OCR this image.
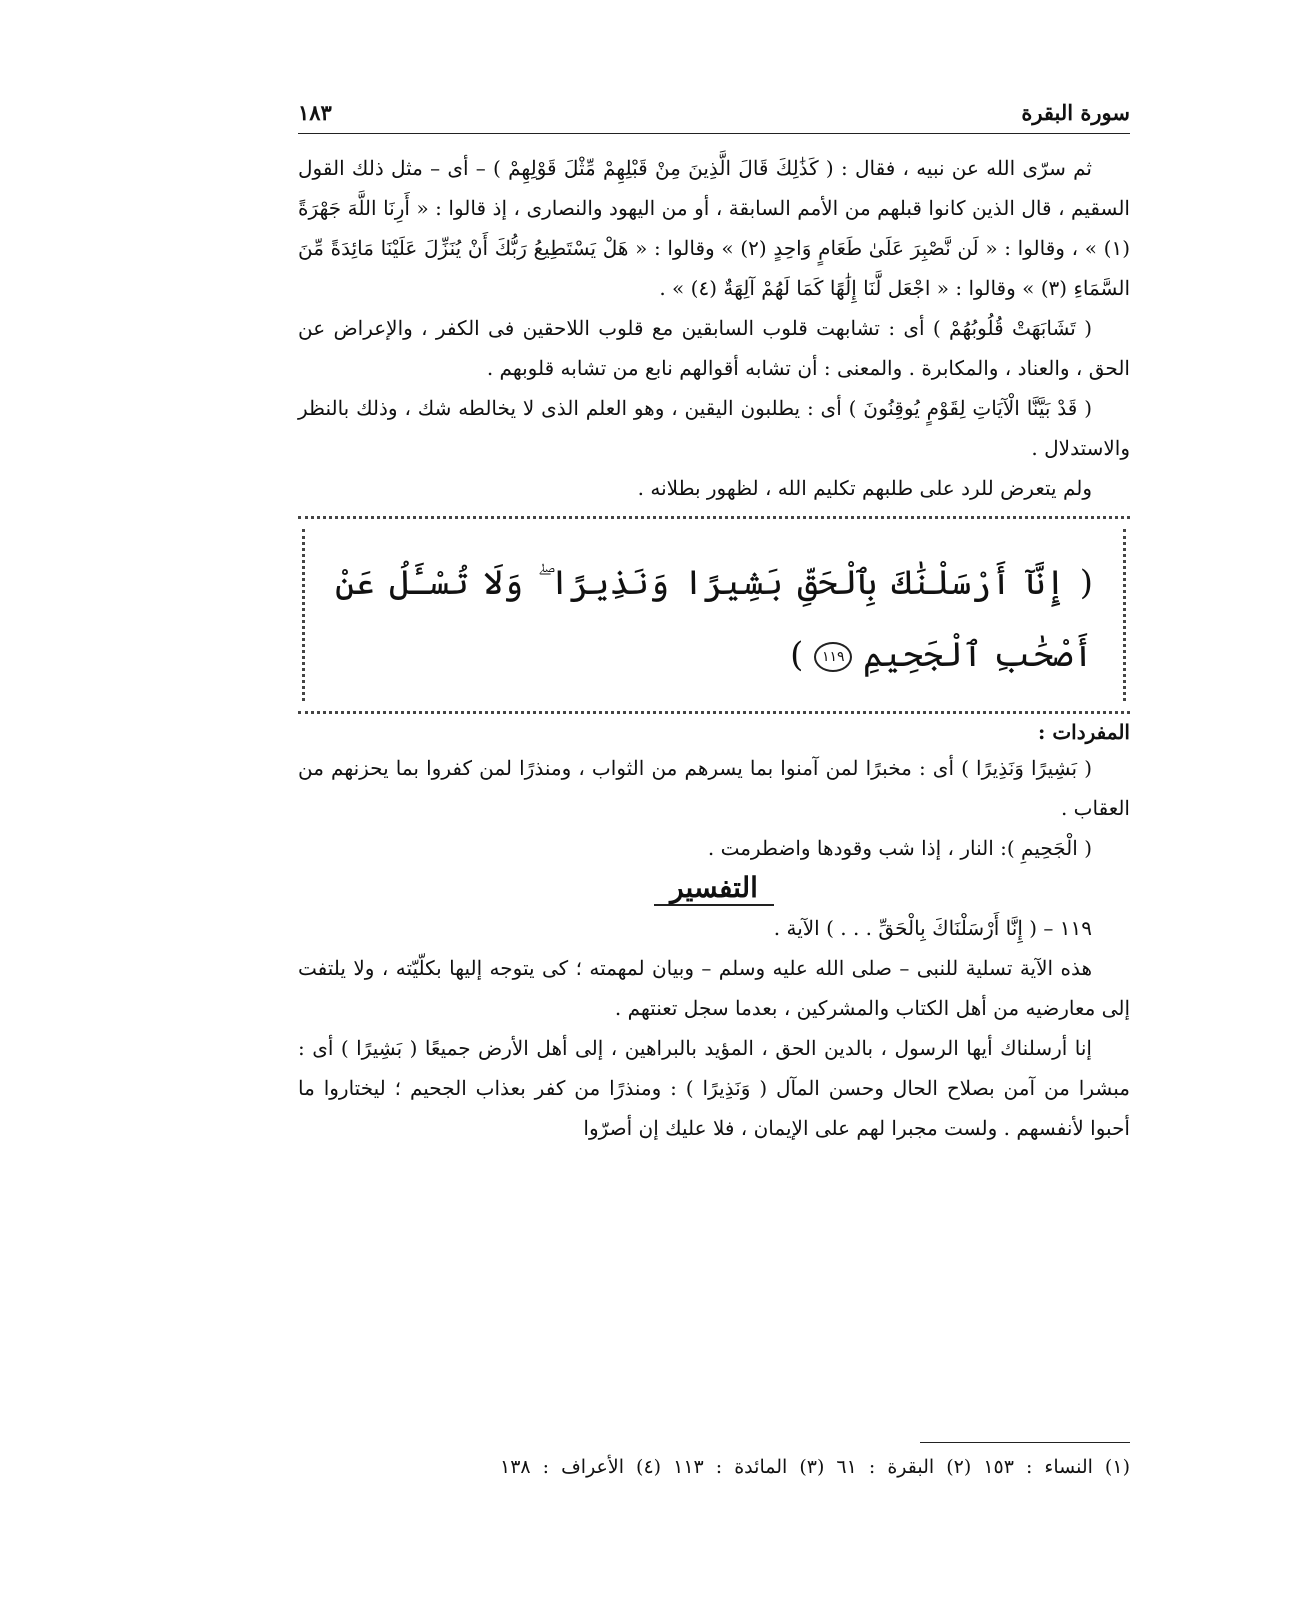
سورة البقرة
١٨٣

ثم سرّى الله عن نبيه ، فقال : ( كَذَٰلِكَ قَالَ الَّذِينَ مِنْ قَبْلِهِمْ مِّثْلَ قَوْلِهِمْ ) – أى – مثل ذلك القول السقيم ، قال الذين كانوا قبلهم من الأمم السابقة ، أو من اليهود والنصارى ، إذ قالوا : « أَرِنَا اللَّهَ جَهْرَةً (١) » ، وقالوا : « لَن نَّصْبِرَ عَلَىٰ طَعَامٍ وَاحِدٍ (٢) » وقالوا : « هَلْ يَسْتَطِيعُ رَبُّكَ أَنْ يُنَزِّلَ عَلَيْنَا مَائِدَةً مِّنَ السَّمَاءِ (٣) » وقالوا : « اجْعَل لَّنَا إِلَٰهًا كَمَا لَهُمْ آلِهَةٌ (٤) » .

( تَشَابَهَتْ قُلُوبُهُمْ ) أى : تشابهت قلوب السابقين مع قلوب اللاحقين فى الكفر ، والإعراض عن الحق ، والعناد ، والمكابرة . والمعنى : أن تشابه أقوالهم نابع من تشابه قلوبهم .

( قَدْ بَيَّنَّا الْآيَاتِ لِقَوْمٍ يُوقِنُونَ ) أى : يطلبون اليقين ، وهو العلم الذى لا يخالطه شك ، وذلك بالنظر والاستدلال .

ولم يتعرض للرد على طلبهم تكليم الله ، لظهور بطلانه .

( إِنَّآ أَرْسَلْنَٰكَ بِٱلْحَقِّ بَشِيرًا وَنَذِيرًا ۖ وَلَا تُسْـَٔلُ عَنْ أَصْحَٰبِ ٱلْجَحِيمِ ١١٩ )

المفردات :

( بَشِيرًا وَنَذِيرًا ) أى : مخبرًا لمن آمنوا بما يسرهم من الثواب ، ومنذرًا لمن كفروا بما يحزنهم من العقاب .

( الْجَحِيمِ ): النار ، إذا شب وقودها واضطرمت .

التفسير

١١٩ – ( إِنَّا أَرْسَلْنَاكَ بِالْحَقِّ . . . ) الآية .

هذه الآية تسلية للنبى – صلى الله عليه وسلم – وبيان لمهمته ؛ كى يتوجه إليها بكلّيّته ، ولا يلتفت إلى معارضيه من أهل الكتاب والمشركين ، بعدما سجل تعنتهم .

إنا أرسلناك أيها الرسول ، بالدين الحق ، المؤيد بالبراهين ، إلى أهل الأرض جميعًا ( بَشِيرًا ) أى : مبشرا من آمن بصلاح الحال وحسن المآل ( وَنَذِيرًا ) : ومنذرًا من كفر بعذاب الجحيم ؛ ليختاروا ما أحبوا لأنفسهم . ولست مجبرا لهم على الإيمان ، فلا عليك إن أصرّوا

(١) النساء : ١٥٣ (٢) البقرة : ٦١ (٣) المائدة : ١١٣ (٤) الأعراف : ١٣٨
